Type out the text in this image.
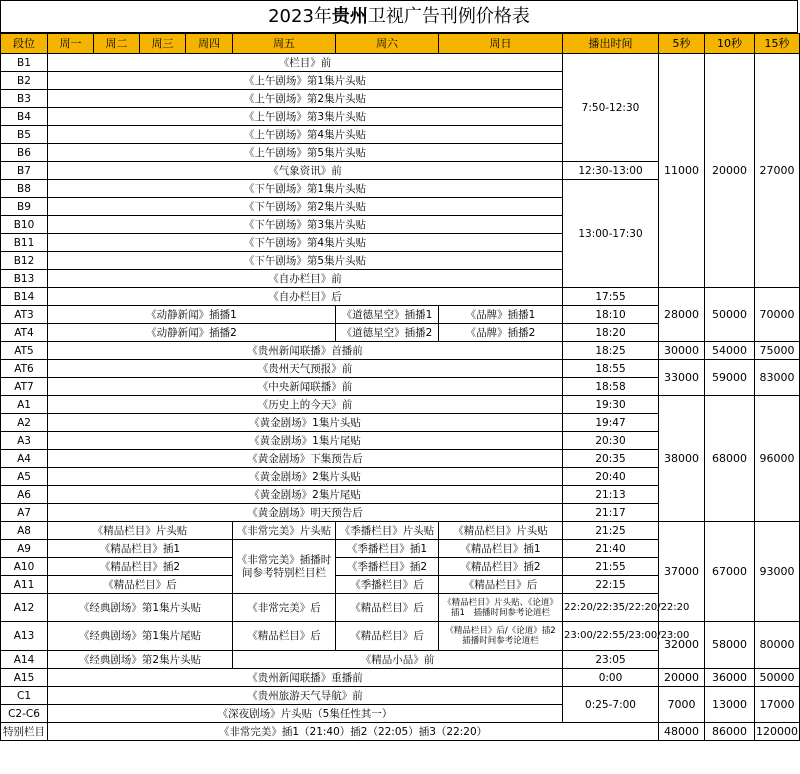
2023年贵州卫视广告刊例价格表
段位	周一	周二	周三	周四	周五	周六	周日	播出时间	5秒	10秒	15秒
B1	《栏目》前							7:50-12:30	11000	20000	27000
B2	《上午剧场》第1集片头贴										
B3	《上午剧场》第2集片头贴										
B4	《上午剧场》第3集片头贴										
B5	《上午剧场》第4集片头贴										
B6	《上午剧场》第5集片头贴										
B7	《气象资讯》前							12:30-13:00			
B8	《下午剧场》第1集片头贴							13:00-17:30			
B9	《下午剧场》第2集片头贴										
B10	《下午剧场》第3集片头贴										
B11	《下午剧场》第4集片头贴										
B12	《下午剧场》第5集片头贴										
B13	《自办栏目》前										
B14	《自办栏目》后							17:55	28000	50000	70000
AT3	《动静新闻》插播1					《道德星空》插播1	《品牌》插播1	18:10			
AT4	《动静新闻》插播2					《道德星空》插播2	《品牌》插播2	18:20			
AT5	《贵州新闻联播》首播前							18:25	30000	54000	75000
AT6	《贵州天气预报》前							18:55	33000	59000	83000
AT7	《中央新闻联播》前							18:58			
A1	《历史上的今天》前							19:30	38000	68000	96000
A2	《黄金剧场》1集片头贴							19:47			
A3	《黄金剧场》1集片尾贴							20:30			
A4	《黄金剧场》下集预告后							20:35			
A5	《黄金剧场》2集片头贴							20:40			
A6	《黄金剧场》2集片尾贴							21:13			
A7	《黄金剧场》明天预告后							21:17			
A8	《精品栏目》片头贴				《非常完美》片头贴	《季播栏目》片头贴	《精品栏目》片头贴	21:25	37000	67000	93000
A9	《精品栏目》插1				《非常完美》插播时间参考特别栏目栏	《季播栏目》插1	《精品栏目》插1	21:40			
A10	《精品栏目》插2					《季播栏目》插2	《精品栏目》插2	21:55			
A11	《精品栏目》后					《季播栏目》后	《精品栏目》后	22:15			
A12	《经典剧场》第1集片头贴				《非常完美》后	《精品栏目》后	《精品栏目》片头贴、《论道》插1　插播时间参考论道栏	22:20/22:35/22:20/22:20			
A13	《经典剧场》第1集片尾贴				《精品栏目》后	《精品栏目》后	《精品栏目》后/《论道》插2　插播时间参考论道栏	23:00/22:55/23:00/23:00	32000	58000	80000
A14	《经典剧场》第2集片头贴				《精品小品》前			23:05			
A15	《贵州新闻联播》重播前							0:00	20000	36000	50000
C1	《贵州旅游天气导航》前							0:25-7:00	7000	13000	17000
C2-C6	《深夜剧场》片头贴（5集任性其一）										
特别栏目	《非常完美》插1（21:40）插2（22:05）插3（22:20）								48000	86000	120000
